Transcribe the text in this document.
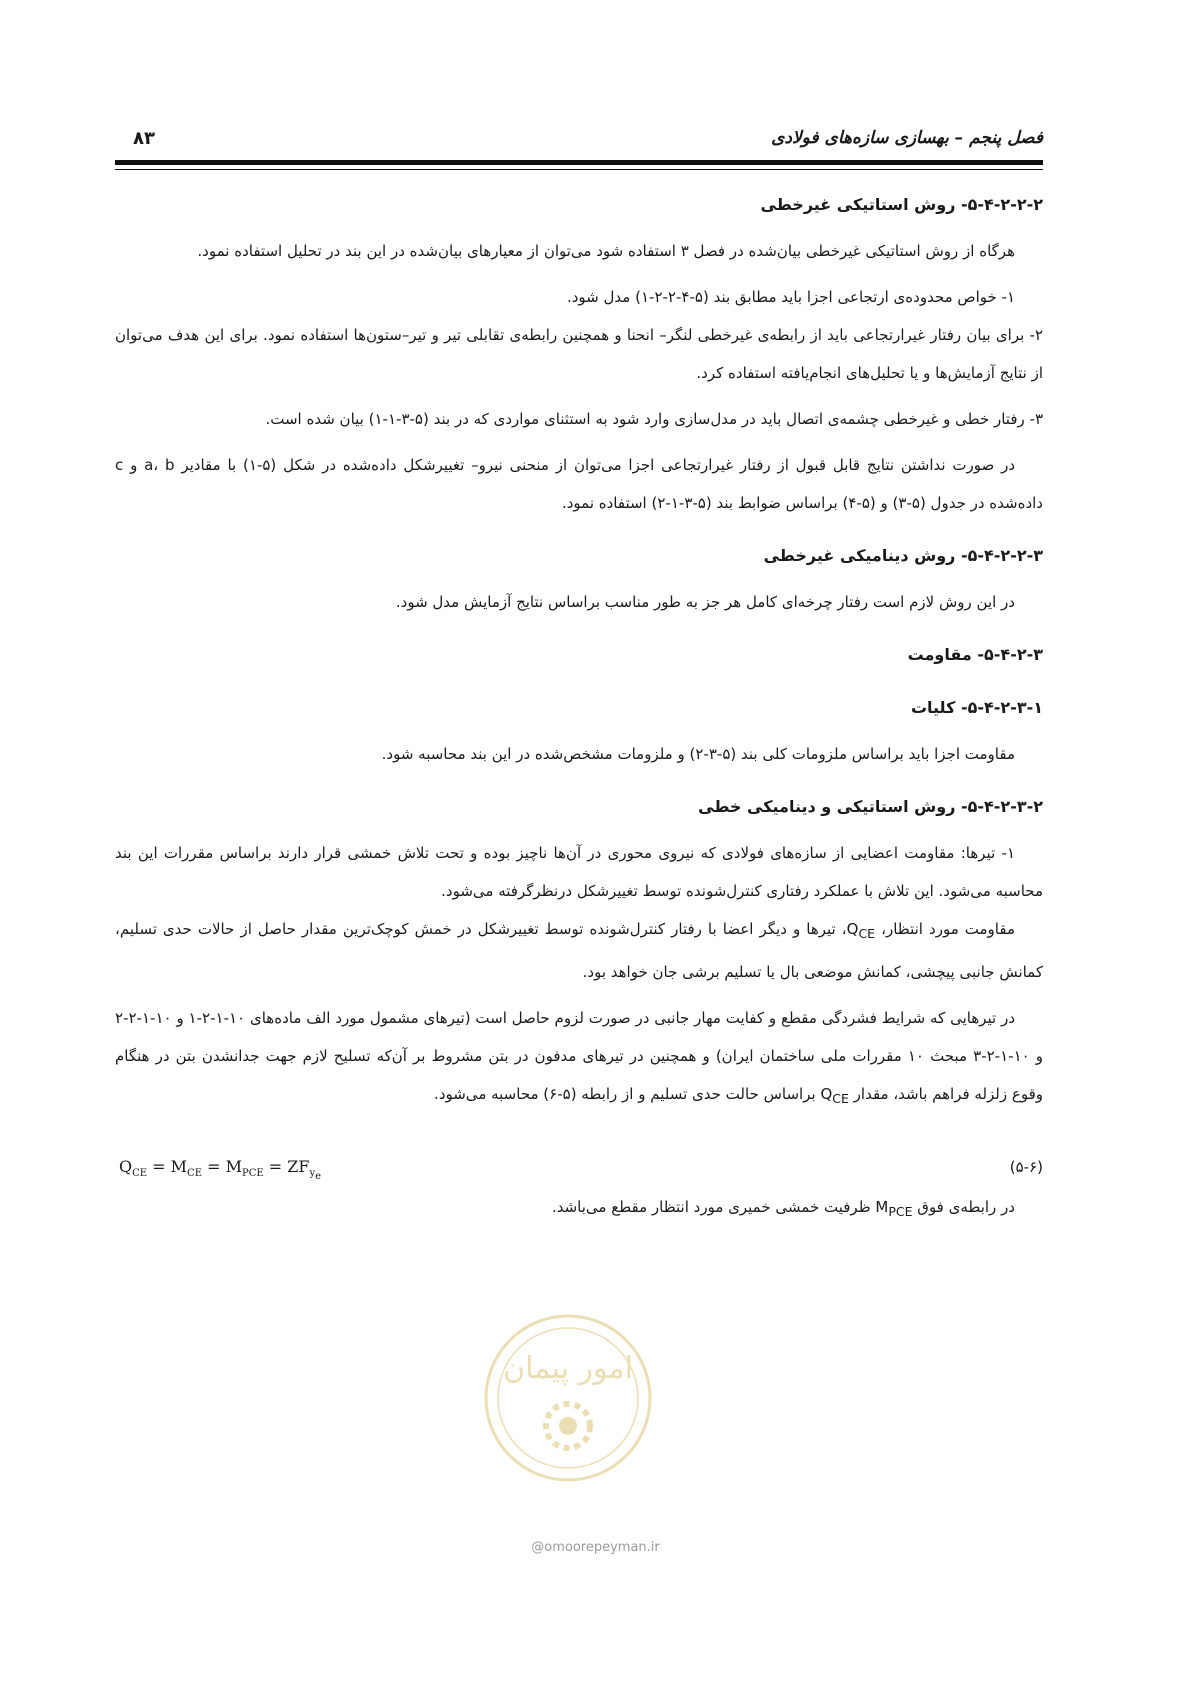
فصل پنجم – بهسازی سازه‌های فولادی
۸۳
۵-۴-۲-۲-۲- روش استاتیکی غیرخطی

هرگاه از روش استاتیکی غیرخطی بیان‌شده در فصل ۳ استفاده شود می‌توان از معیارهای بیان‌شده در این بند در تحلیل استفاده نمود.

۱- خواص محدوده‌ی ارتجاعی اجزا باید مطابق بند (۵-۴-۲-۲-۱) مدل شود.

۲- برای بیان رفتار غیرارتجاعی باید از رابطه‌ی غیرخطی لنگر– انحنا و همچنین رابطه‌ی تقابلی تیر و تیر–ستون‌ها استفاده نمود. برای این هدف می‌توان از نتایج آزمایش‌ها و یا تحلیل‌های انجام‌یافته استفاده کرد.

۳- رفتار خطی و غیرخطی چشمه‌ی اتصال باید در مدل‌سازی وارد شود به استثنای مواردی که در بند (۵-۳-۱-۱) بیان شده است.

در صورت نداشتن نتایج قابل قبول از رفتار غیرارتجاعی اجزا می‌توان از منحنی نیرو– تغییرشکل داده‌شده در شکل (۵-۱) با مقادیر a، b و c داده‌شده در جدول (۵-۳) و (۵-۴) براساس ضوابط بند (۵-۳-۱-۲) استفاده نمود.

۵-۴-۲-۲-۳- روش دینامیکی غیرخطی

در این روش لازم است رفتار چرخه‌ای کامل هر جز به طور مناسب براساس نتایج آزمایش مدل شود.

۵-۴-۲-۳- مقاومت
۵-۴-۲-۳-۱- کلیات

مقاومت اجزا باید براساس ملزومات کلی بند (۵-۳-۲) و ملزومات مشخص‌شده در این بند محاسبه شود.

۵-۴-۲-۳-۲- روش استاتیکی و دینامیکی خطی

۱- تیرها: مقاومت اعضایی از سازه‌های فولادی که نیروی محوری در آن‌ها ناچیز بوده و تحت تلاش خمشی قرار دارند براساس مقررات این بند محاسبه می‌شود. این تلاش با عملکرد رفتاری کنترل‌شونده توسط تغییرشکل درنظرگرفته می‌شود.

مقاومت مورد انتظار، $Q_{CE}،$ تیرها و دیگر اعضا با رفتار کنترل‌شونده توسط تغییرشکل در خمش کوچک‌ترین مقدار حاصل از حالات حدی تسلیم، کمانش جانبی پیچشی، کمانش موضعی بال یا تسلیم برشی جان خواهد بود.

در تیرهایی که شرایط فشردگی مقطع و کفایت مهار جانبی در صورت لزوم حاصل است (تیرهای مشمول مورد الف ماده‌های ۱۰-۱-۲-۱ و ۱۰-۱-۲-۲ و ۱۰-۱-۲-۳ مبحث ۱۰ مقررات ملی ساختمان ایران) و همچنین در تیرهای مدفون در بتن مشروط بر آن‌که تسلیح لازم جهت جدانشدن بتن در هنگام وقوع زلزله فراهم باشد، مقدار $Q_{CE}$ براساس حالت حدی تسلیم و از رابطه (۵-۶) محاسبه می‌شود.

(۵-۶)
$Q_{CE} = M_{CE} = M_{PCE} = ZF_{y_e}$

در رابطه‌ی فوق $M_{PCE}$ ظرفیت خمشی خمیری مورد انتظار مقطع می‌باشد.

امور پیمان
@omoorepeyman.ir
